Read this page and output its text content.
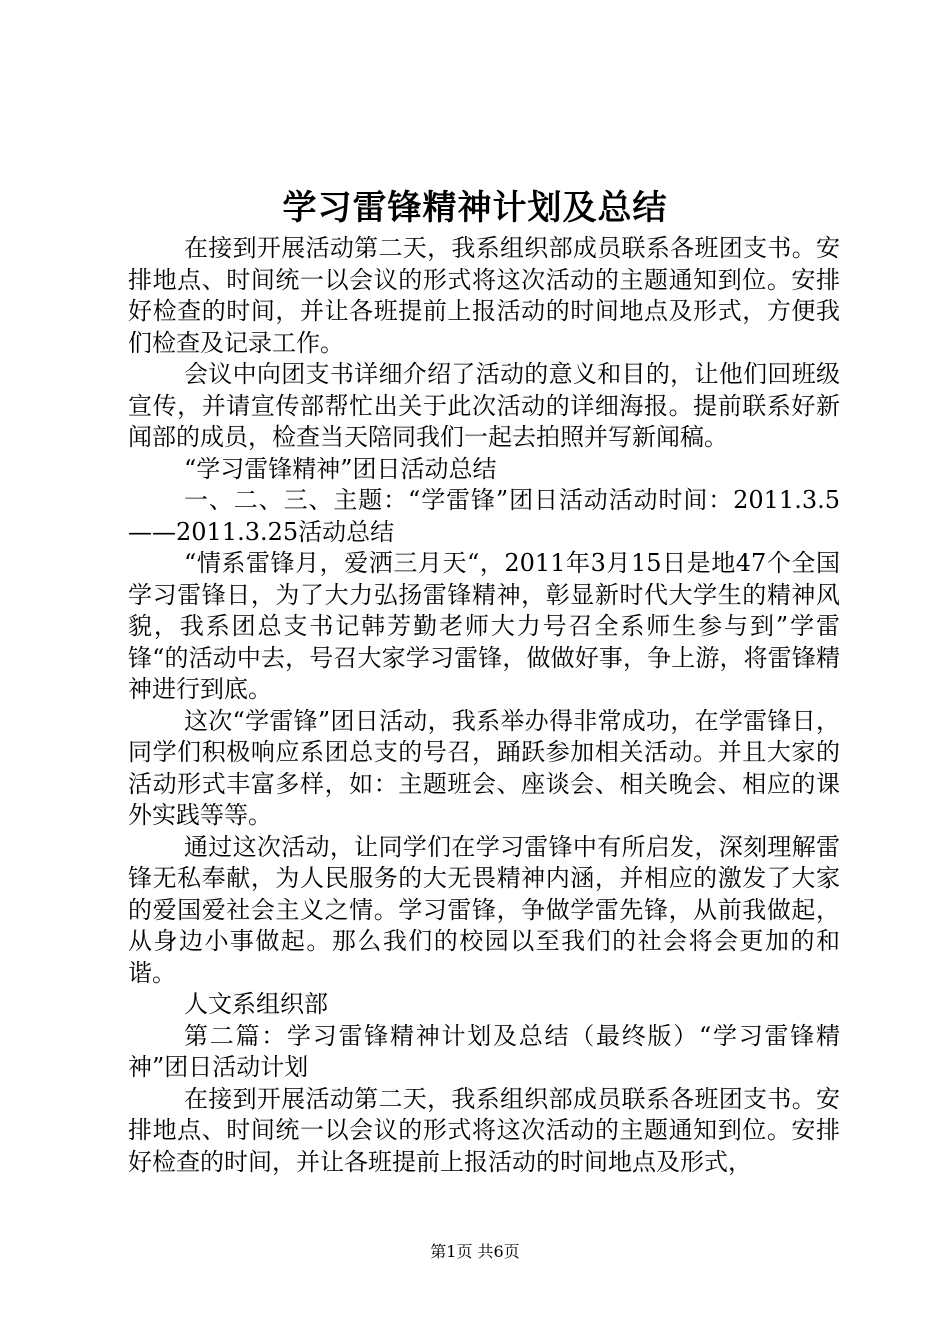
学习雷锋精神计划及总结

在接到开展活动第二天，我系组织部成员联系各班团支书。安排地点、时间统一以会议的形式将这次活动的主题通知到位。安排好检查的时间，并让各班提前上报活动的时间地点及形式，方便我们检查及记录工作。

会议中向团支书详细介绍了活动的意义和目的，让他们回班级宣传，并请宣传部帮忙出关于此次活动的详细海报。提前联系好新闻部的成员，检查当天陪同我们一起去拍照并写新闻稿。

“学习雷锋精神”团日活动总结

一、二、三、主题：“学雷锋”团日活动活动时间：2011.3.5——2011.3.25活动总结

“情系雷锋月，爱洒三月天“，2011年3月15日是地47个全国学习雷锋日，为了大力弘扬雷锋精神，彰显新时代大学生的精神风貌，我系团总支书记韩芳勤老师大力号召全系师生参与到”学雷锋“的活动中去，号召大家学习雷锋，做做好事，争上游，将雷锋精神进行到底。

这次“学雷锋”团日活动，我系举办得非常成功，在学雷锋日，同学们积极响应系团总支的号召，踊跃参加相关活动。并且大家的活动形式丰富多样，如：主题班会、座谈会、相关晚会、相应的课外实践等等。

通过这次活动，让同学们在学习雷锋中有所启发，深刻理解雷锋无私奉献，为人民服务的大无畏精神内涵，并相应的激发了大家的爱国爱社会主义之情。学习雷锋，争做学雷先锋，从前我做起，从身边小事做起。那么我们的校园以至我们的社会将会更加的和谐。

人文系组织部

第二篇：学习雷锋精神计划及总结（最终版）“学习雷锋精神”团日活动计划

在接到开展活动第二天，我系组织部成员联系各班团支书。安排地点、时间统一以会议的形式将这次活动的主题通知到位。安排好检查的时间，并让各班提前上报活动的时间地点及形式，

第1页 共6页
